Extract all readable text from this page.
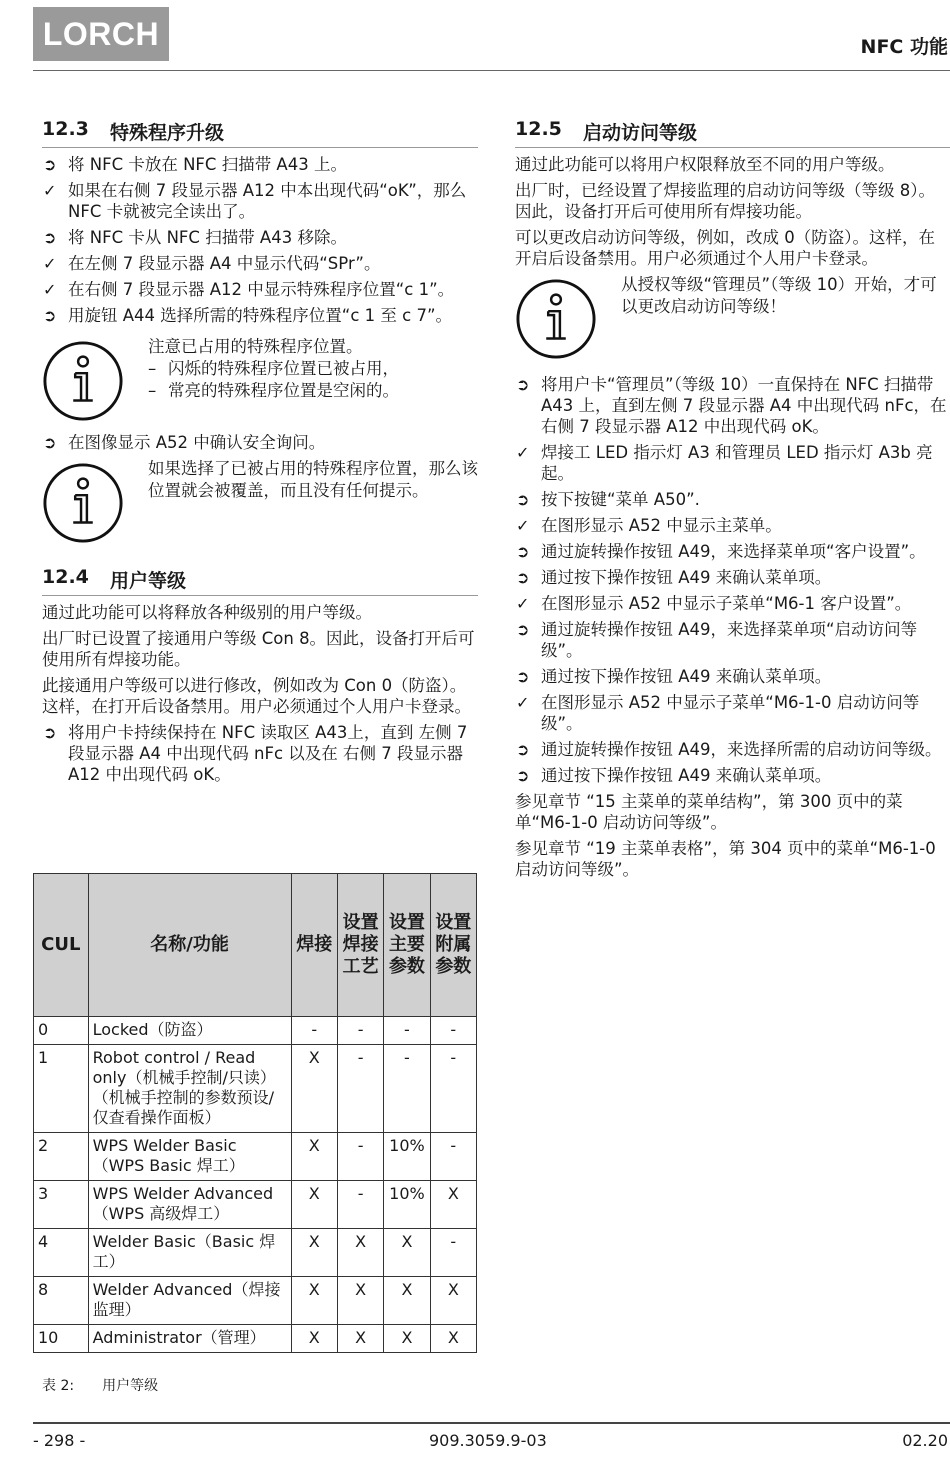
LORCH	NFC 功能
12.3	特殊程序升级
➲ 将 NFC 卡放在 NFC 扫描带 A43 上。
✓ 如果在右侧 7 段显示器 A12 中本出现代码“oK”，那么 NFC 卡就被完全读出了。
➲ 将 NFC 卡从 NFC 扫描带 A43 移除。
✓ 在左侧 7 段显示器 A4 中显示代码“SPr”。
✓ 在右侧 7 段显示器 A12 中显示特殊程序位置“c 1”。
➲ 用旋钮 A44 选择所需的特殊程序位置“c 1 至 c 7”。
注意已占用的特殊程序位置。
– 闪烁的特殊程序位置已被占用，
– 常亮的特殊程序位置是空闲的。
➲ 在图像显示 A52 中确认安全询问。
如果选择了已被占用的特殊程序位置，那么该位置就会被覆盖，而且没有任何提示。
12.4	用户等级

通过此功能可以将释放各种级别的用户等级。

出厂时已设置了接通用户等级 Con 8。因此，设备打开后可使用所有焊接功能。

此接通用户等级可以进行修改，例如改为 Con 0（防盗）。这样，在打开后设备禁用。用户必须通过个人用户卡登录。

➲ 将用户卡持续保持在 NFC 读取区 A43上，直到 左侧 7 段显示器 A4 中出现代码 nFc 以及在 右侧 7 段显示器 A12 中出现代码 oK。
CUL	名称/功能	焊接	设置焊接工艺	设置主要参数	设置附属参数
0	Locked（防盗）	-	-	-	-
1	Robot control / Read only（机械手控制/只读）（机械手控制的参数预设/仅查看操作面板）	X	-	-	-
2	WPS Welder Basic（WPS Basic 焊工）	X	-	10%	-
3	WPS Welder Advanced（WPS 高级焊工）	X	-	10%	X
4	Welder Basic（Basic 焊工）	X	X	X	-
8	Welder Advanced（焊接监理）	X	X	X	X
10	Administrator（管理）	X	X	X	X
表 2: 用户等级
12.5	启动访问等级

通过此功能可以将用户权限释放至不同的用户等级。

出厂时，已经设置了焊接监理的启动访问等级（等级 8）。因此，设备打开后可使用所有焊接功能。

可以更改启动访问等级，例如，改成 0（防盗）。这样，在开启后设备禁用。用户必须通过个人用户卡登录。

从授权等级“管理员”（等级 10）开始，才可以更改启动访问等级！
➲ 将用户卡“管理员”（等级 10）一直保持在 NFC 扫描带 A43 上，直到左侧 7 段显示器 A4 中出现代码 nFc，在右侧 7 段显示器 A12 中出现代码 oK。
✓ 焊接工 LED 指示灯 A3 和管理员 LED 指示灯 A3b 亮起。
➲ 按下按键“菜单 A50”.
✓ 在图形显示 A52 中显示主菜单。
➲ 通过旋转操作按钮 A49，来选择菜单项“客户设置”。
➲ 通过按下操作按钮 A49 来确认菜单项。
✓ 在图形显示 A52 中显示子菜单“M6-1 客户设置”。
➲ 通过旋转操作按钮 A49，来选择菜单项“启动访问等级”。
➲ 通过按下操作按钮 A49 来确认菜单项。
✓ 在图形显示 A52 中显示子菜单“M6-1-0 启动访问等级”。
➲ 通过旋转操作按钮 A49，来选择所需的启动访问等级。
➲ 通过按下操作按钮 A49 来确认菜单项。

参见章节 “15 主菜单的菜单结构”，第 300 页中的菜单“M6-1-0 启动访问等级”。

参见章节 “19 主菜单表格”，第 304 页中的菜单“M6-1-0 启动访问等级”。

- 298 -	909.3059.9-03	02.20
